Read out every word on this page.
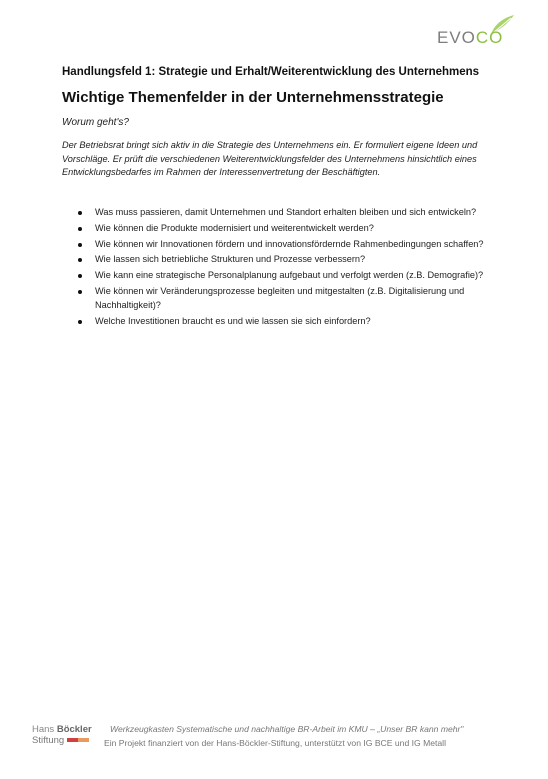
EVOCO
Handlungsfeld 1: Strategie und Erhalt/Weiterentwicklung des Unternehmens
Wichtige Themenfelder in der Unternehmensstrategie
Worum geht's?
Der Betriebsrat bringt sich aktiv in die Strategie des Unternehmens ein. Er formuliert eigene Ideen und Vorschläge. Er prüft die verschiedenen Weiterentwicklungsfelder des Unternehmens hinsichtlich eines Entwicklungsbedarfes im Rahmen der Interessenvertretung der Beschäftigten.
Was muss passieren, damit Unternehmen und Standort erhalten bleiben und sich entwickeln?
Wie können die Produkte modernisiert und weiterentwickelt werden?
Wie können wir Innovationen fördern und innovationsfördernde Rahmenbedingungen schaffen?
Wie lassen sich betriebliche Strukturen und Prozesse verbessern?
Wie kann eine strategische Personalplanung aufgebaut und verfolgt werden (z.B. Demografie)?
Wie können wir Veränderungsprozesse begleiten und mitgestalten (z.B. Digitalisierung und Nachhaltigkeit)?
Welche Investitionen braucht es und wie lassen sie sich einfordern?
Hans Böckler
Stiftung
Werkzeugkasten Systematische und nachhaltige BR-Arbeit im KMU – „Unser BR kann mehr"
Ein Projekt finanziert von der Hans-Böckler-Stiftung, unterstützt von IG BCE und IG Metall
